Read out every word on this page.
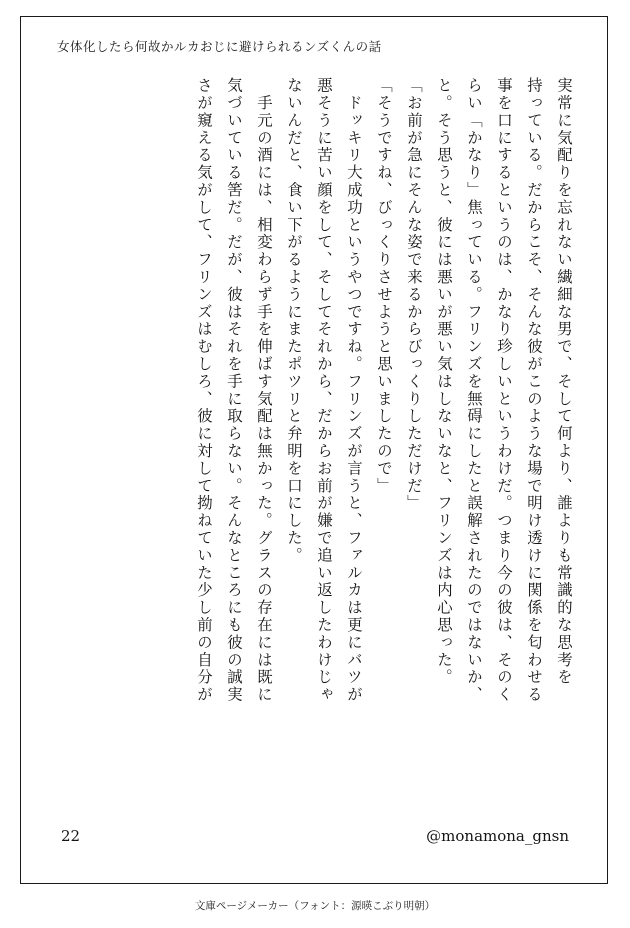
女体化したら何故かルカおじに避けられるンズくんの話
実常に気配りを忘れない繊細な男で、そして何より、誰よりも常識的な思考を
持っている。だからこそ、そんな彼がこのような場で明け透けに関係を匂わせる
事を口にするというのは、かなり珍しいというわけだ。つまり今の彼は、そのく
らい「かなり」焦っている。フリンズを無碍にしたと誤解されたのではないか、
と。そう思うと、彼には悪いが悪い気はしないなと、フリンズは内心思った。
「お前が急にそんな姿で来るからびっくりしただけだ」
「そうですね、びっくりさせようと思いましたので」
　ドッキリ大成功というやつですね。フリンズが言うと、ファルカは更にバツが
悪そうに苦い顔をして、そしてそれから、だからお前が嫌で追い返したわけじゃ
ないんだと、食い下がるようにまたポツリと弁明を口にした。
　手元の酒には、相変わらず手を伸ばす気配は無かった。グラスの存在には既に
気づいている筈だ。だが、彼はそれを手に取らない。そんなところにも彼の誠実
さが窺える気がして、フリンズはむしろ、彼に対して拗ねていた少し前の自分が
22	@monamona_gnsn
文庫ページメーカー（フォント：源暎こぶり明朝）
